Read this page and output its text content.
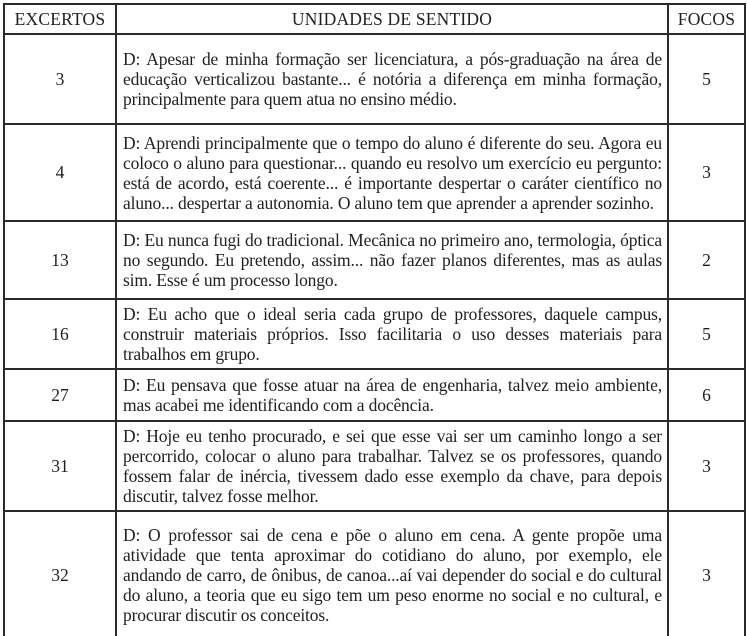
EXCERTOS	UNIDADES DE SENTIDO	FOCOS
3	D: Apesar de minha formação ser licenciatura, a pós-graduação na área de educação verticalizou bastante... é notória a diferença em minha formação, principalmente para quem atua no ensino médio.	5
4	D: Aprendi principalmente que o tempo do aluno é diferente do seu. Agora eu coloco o aluno para questionar... quando eu resolvo um exercício eu pergunto: está de acordo, está coerente... é importante despertar o caráter científico no aluno... despertar a autonomia. O aluno tem que aprender a aprender sozinho.	3
13	D: Eu nunca fugi do tradicional. Mecânica no primeiro ano, termologia, óptica no segundo. Eu pretendo, assim... não fazer planos diferentes, mas as aulas sim. Esse é um processo longo.	2
16	D: Eu acho que o ideal seria cada grupo de professores, daquele campus, construir materiais próprios. Isso facilitaria o uso desses materiais para trabalhos em grupo.	5
27	D: Eu pensava que fosse atuar na área de engenharia, talvez meio ambiente, mas acabei me identificando com a docência.	6
31	D: Hoje eu tenho procurado, e sei que esse vai ser um caminho longo a ser percorrido, colocar o aluno para trabalhar. Talvez se os professores, quando fossem falar de inércia, tivessem dado esse exemplo da chave, para depois discutir, talvez fosse melhor.	3
32	D: O professor sai de cena e põe o aluno em cena. A gente propõe uma atividade que tenta aproximar do cotidiano do aluno, por exemplo, ele andando de carro, de ônibus, de canoa...aí vai depender do social e do cultural do aluno, a teoria que eu sigo tem um peso enorme no social e no cultural, e procurar discutir os conceitos.	3
